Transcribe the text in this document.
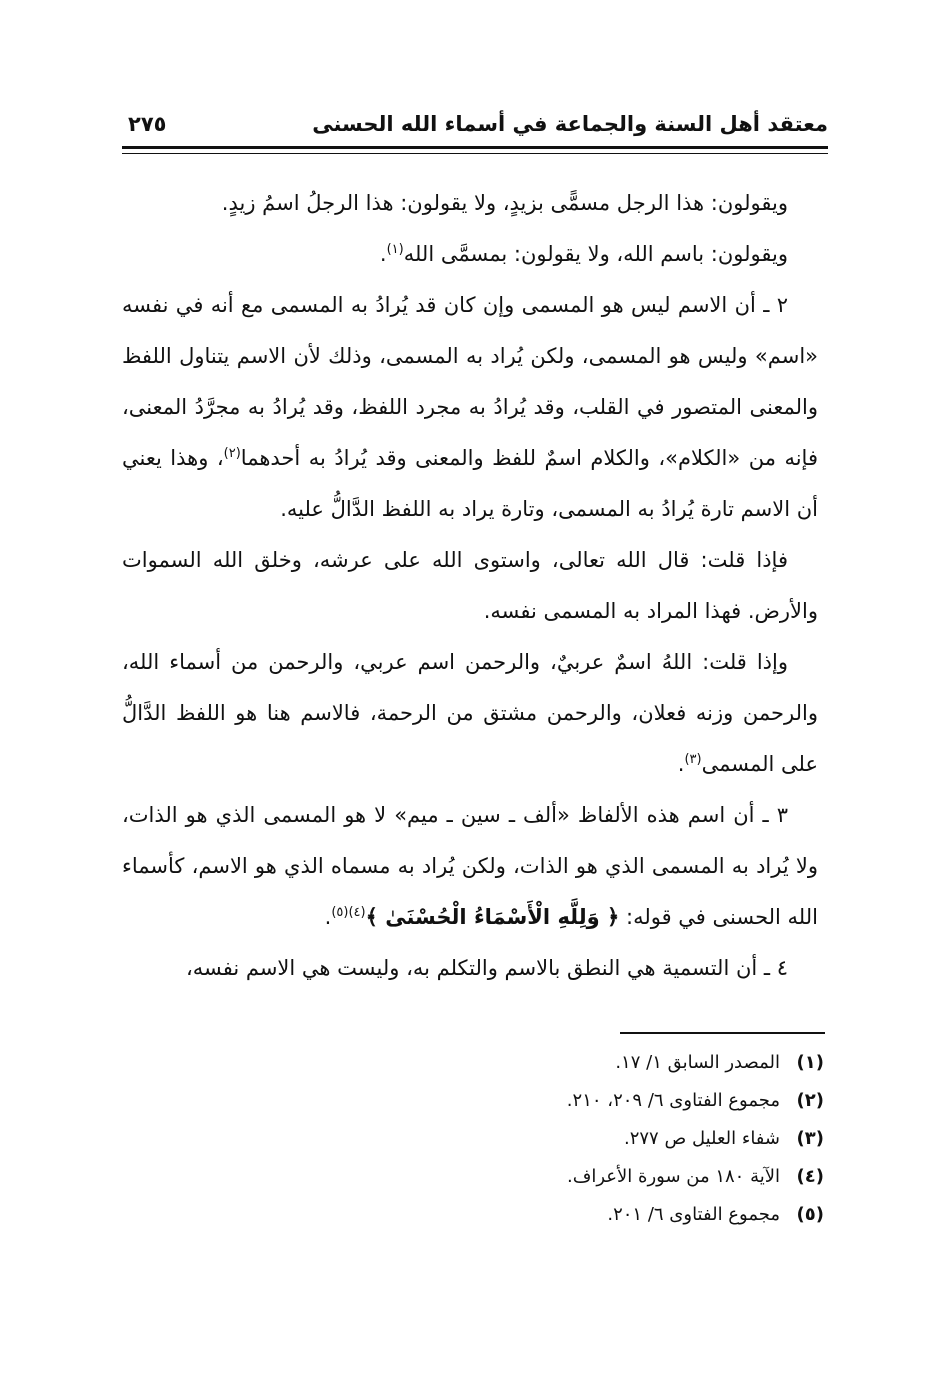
معتقد أهل السنة والجماعة في أسماء الله الحسنى
٢٧٥

ويقولون: هذا الرجل مسمًّى بزيدٍ، ولا يقولون: هذا الرجلُ اسمُ زيدٍ.

ويقولون: باسم الله، ولا يقولون: بمسمَّى الله$^{(١)}$.

٢ ـ أن الاسم ليس هو المسمى وإن كان قد يُرادُ به المسمى مع أنه في نفسه «اسم» وليس هو المسمى، ولكن يُراد به المسمى، وذلك لأن الاسم يتناول اللفظ والمعنى المتصور في القلب، وقد يُرادُ به مجرد اللفظ، وقد يُرادُ به مجرَّدُ المعنى، فإنه من «الكلام»، والكلام اسمٌ للفظ والمعنى وقد يُرادُ به أحدهما$^{(٢)}$، وهذا يعني أن الاسم تارة يُرادُ به المسمى، وتارة يراد به اللفظ الدَّالُّ عليه.

فإذا قلت: قال الله تعالى، واستوى الله على عرشه، وخلق الله السموات والأرض. فهذا المراد به المسمى نفسه.

وإذا قلت: اللهُ اسمٌ عربيٌ، والرحمن اسم عربي، والرحمن من أسماء الله، والرحمن وزنه فعلان، والرحمن مشتق من الرحمة، فالاسم هنا هو اللفظ الدَّالُّ على المسمى$^{(٣)}$.

٣ ـ أن اسم هذه الألفاظ «ألف ـ سين ـ ميم» لا هو المسمى الذي هو الذات، ولا يُراد به المسمى الذي هو الذات، ولكن يُراد به مسماه الذي هو الاسم، كأسماء الله الحسنى في قوله: ﴿ وَلِلَّهِ الْأَسْمَاءُ الْحُسْنَىٰ ﴾$^{(٤)(٥)}$.

٤ ـ أن التسمية هي النطق بالاسم والتكلم به، وليست هي الاسم نفسه،

(١)المصدر السابق ١/ ١٧.
(٢)مجموع الفتاوى ٦/ ٢٠٩، ٢١٠.
(٣)شفاء العليل ص ٢٧٧.
(٤)الآية ١٨٠ من سورة الأعراف.
(٥)مجموع الفتاوى ٦/ ٢٠١.
